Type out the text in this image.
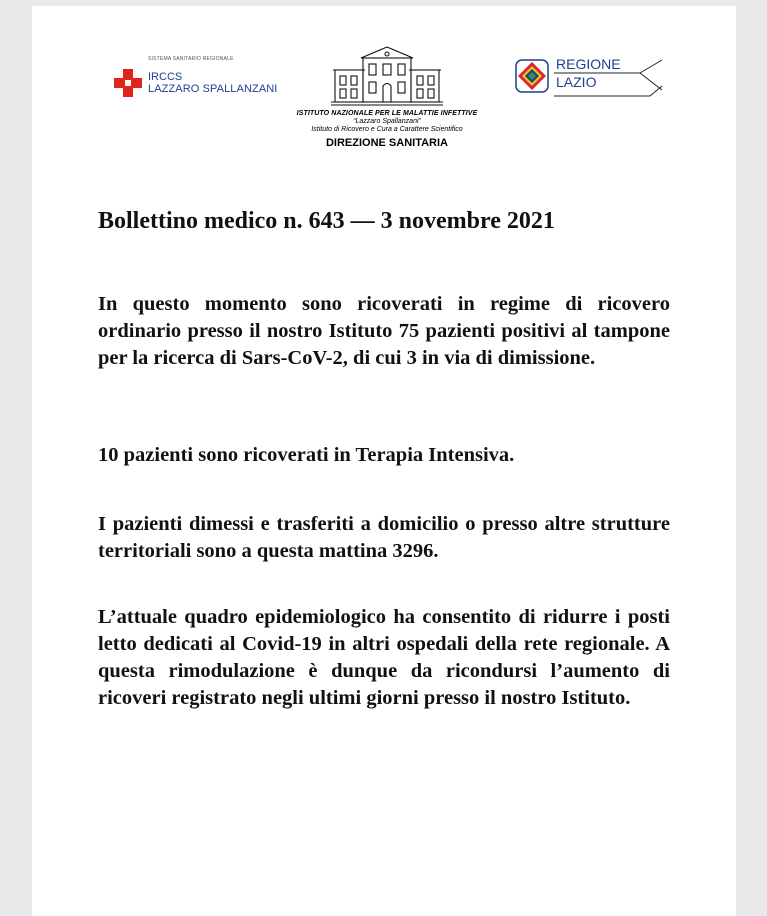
SISTEMA SANITARIO REGIONALE
IRCCS
LAZZARO SPALLANZANI
ISTITUTO NAZIONALE PER LE MALATTIE INFETTIVE
“Lazzaro Spallanzani”
Istituto di Ricovero e Cura a Carattere Scientifico
DIREZIONE SANITARIA
REGIONE
LAZIO
Bollettino medico n. 643 — 3 novembre 2021
In questo momento sono ricoverati in regime di ricovero ordinario presso il nostro Istituto 75 pazienti positivi al tampone per la ricerca di Sars-CoV-2, di cui 3 in via di dimissione.
10 pazienti sono ricoverati in Terapia Intensiva.
I pazienti dimessi e trasferiti a domicilio o presso altre strutture territoriali sono a questa mattina 3296.
L’attuale quadro epidemiologico ha consentito di ridurre i posti letto dedicati al Covid-19 in altri ospedali della rete regionale. A questa rimodulazione è dunque da ricondursi l’aumento di ricoveri registrato negli ultimi giorni presso il nostro Istituto.
